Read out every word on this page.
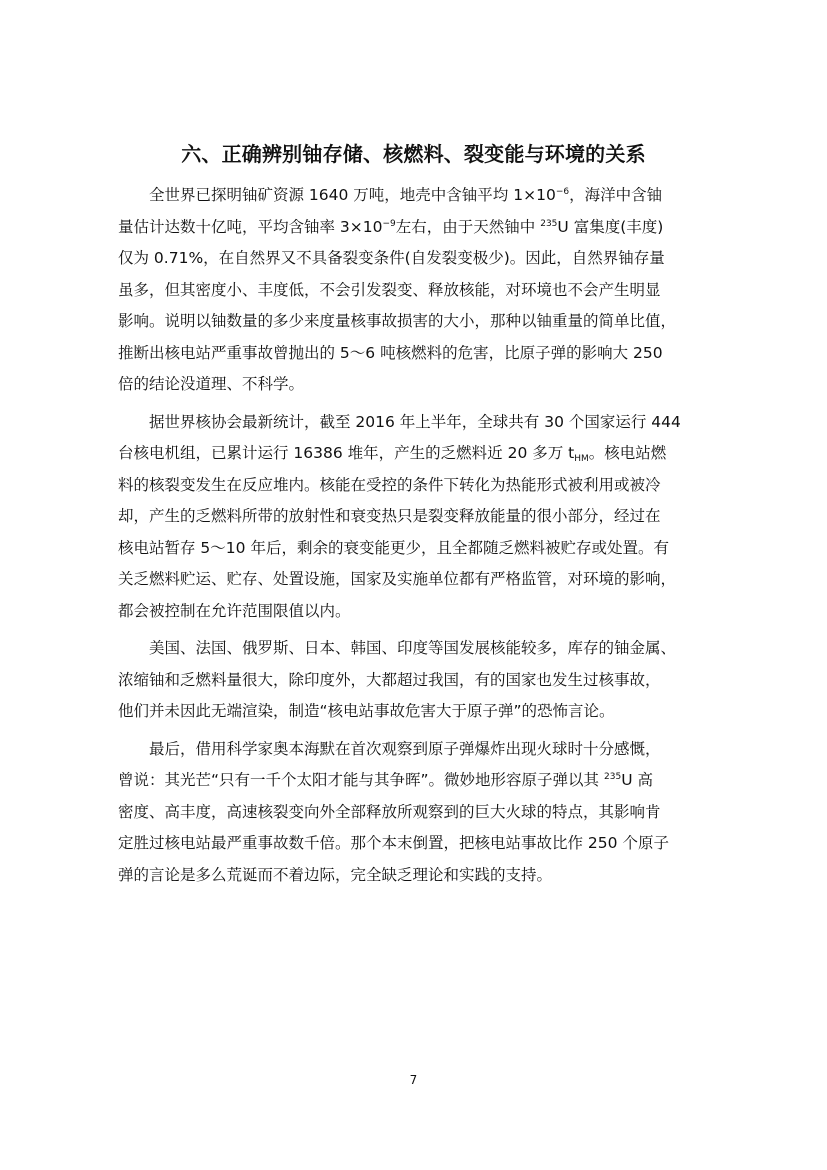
六、正确辨别铀存储、核燃料、裂变能与环境的关系

全世界已探明铀矿资源 1640 万吨，地壳中含铀平均 $1\times 10^{-6}$，海洋中含铀
量估计达数十亿吨，平均含铀率 $3\times 10^{-9}$左右，由于天然铀中 $^{235}$U 富集度(丰度)
仅为 0.71%，在自然界又不具备裂变条件(自发裂变极少)。因此，自然界铀存量
虽多，但其密度小、丰度低，不会引发裂变、释放核能，对环境也不会产生明显
影响。说明以铀数量的多少来度量核事故损害的大小，那种以铀重量的简单比值，
推断出核电站严重事故曾抛出的 5～6 吨核燃料的危害，比原子弹的影响大 250
倍的结论没道理、不科学。

据世界核协会最新统计，截至 2016 年上半年，全球共有 30 个国家运行 444
台核电机组，已累计运行 16386 堆年，产生的乏燃料近 20 多万 $t_{HM}$。核电站燃
料的核裂变发生在反应堆内。核能在受控的条件下转化为热能形式被利用或被冷
却，产生的乏燃料所带的放射性和衰变热只是裂变释放能量的很小部分，经过在
核电站暂存 5～10 年后，剩余的衰变能更少，且全都随乏燃料被贮存或处置。有
关乏燃料贮运、贮存、处置设施，国家及实施单位都有严格监管，对环境的影响，
都会被控制在允许范围限值以内。

美国、法国、俄罗斯、日本、韩国、印度等国发展核能较多，库存的铀金属、
浓缩铀和乏燃料量很大，除印度外，大都超过我国，有的国家也发生过核事故，
他们并未因此无端渲染，制造“核电站事故危害大于原子弹”的恐怖言论。

最后，借用科学家奥本海默在首次观察到原子弹爆炸出现火球时十分感慨，
曾说：其光芒“只有一千个太阳才能与其争晖”。微妙地形容原子弹以其 $^{235}$U 高
密度、高丰度，高速核裂变向外全部释放所观察到的巨大火球的特点，其影响肯
定胜过核电站最严重事故数千倍。那个本末倒置，把核电站事故比作 250 个原子
弹的言论是多么荒诞而不着边际，完全缺乏理论和实践的支持。

7
